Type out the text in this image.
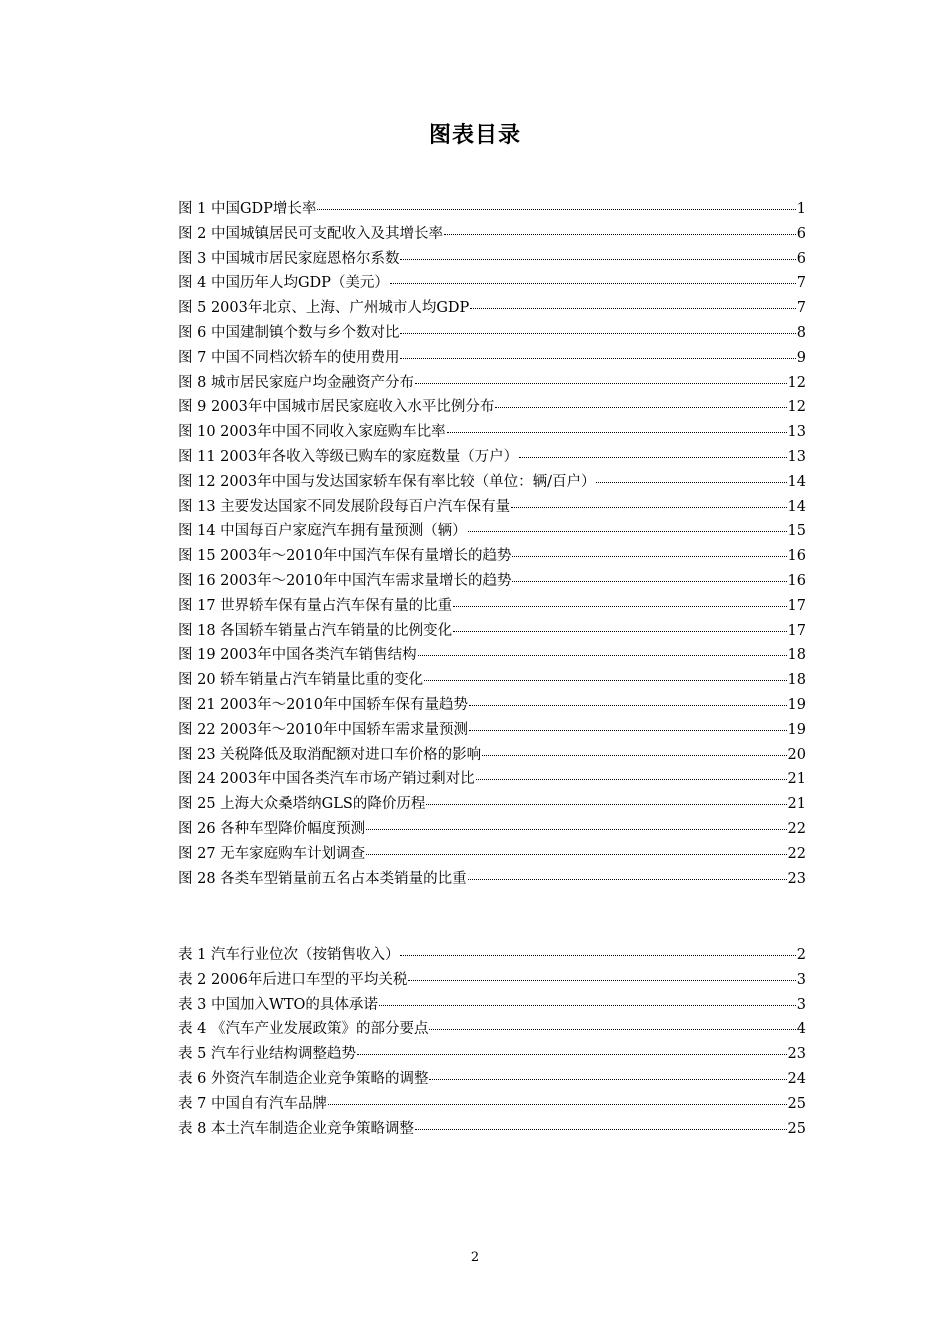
图表目录
图 1 中国GDP增长率	1
图 2 中国城镇居民可支配收入及其增长率	6
图 3 中国城市居民家庭恩格尔系数	6
图 4 中国历年人均GDP（美元）	7
图 5 2003年北京、上海、广州城市人均GDP	7
图 6 中国建制镇个数与乡个数对比	8
图 7 中国不同档次轿车的使用费用	9
图 8 城市居民家庭户均金融资产分布	12
图 9 2003年中国城市居民家庭收入水平比例分布	12
图 10 2003年中国不同收入家庭购车比率	13
图 11 2003年各收入等级已购车的家庭数量（万户）	13
图 12 2003年中国与发达国家轿车保有率比较（单位：辆/百户）	14
图 13 主要发达国家不同发展阶段每百户汽车保有量	14
图 14 中国每百户家庭汽车拥有量预测（辆）	15
图 15 2003年～2010年中国汽车保有量增长的趋势	16
图 16 2003年～2010年中国汽车需求量增长的趋势	16
图 17 世界轿车保有量占汽车保有量的比重	17
图 18 各国轿车销量占汽车销量的比例变化	17
图 19 2003年中国各类汽车销售结构	18
图 20 轿车销量占汽车销量比重的变化	18
图 21 2003年～2010年中国轿车保有量趋势	19
图 22 2003年～2010年中国轿车需求量预测	19
图 23 关税降低及取消配额对进口车价格的影响	20
图 24 2003年中国各类汽车市场产销过剩对比	21
图 25 上海大众桑塔纳GLS的降价历程	21
图 26 各种车型降价幅度预测	22
图 27 无车家庭购车计划调查	22
图 28 各类车型销量前五名占本类销量的比重	23
表 1 汽车行业位次（按销售收入）	2
表 2 2006年后进口车型的平均关税	3
表 3 中国加入WTO的具体承诺	3
表 4 《汽车产业发展政策》的部分要点	4
表 5 汽车行业结构调整趋势	23
表 6 外资汽车制造企业竞争策略的调整	24
表 7 中国自有汽车品牌	25
表 8 本土汽车制造企业竞争策略调整	25
2
